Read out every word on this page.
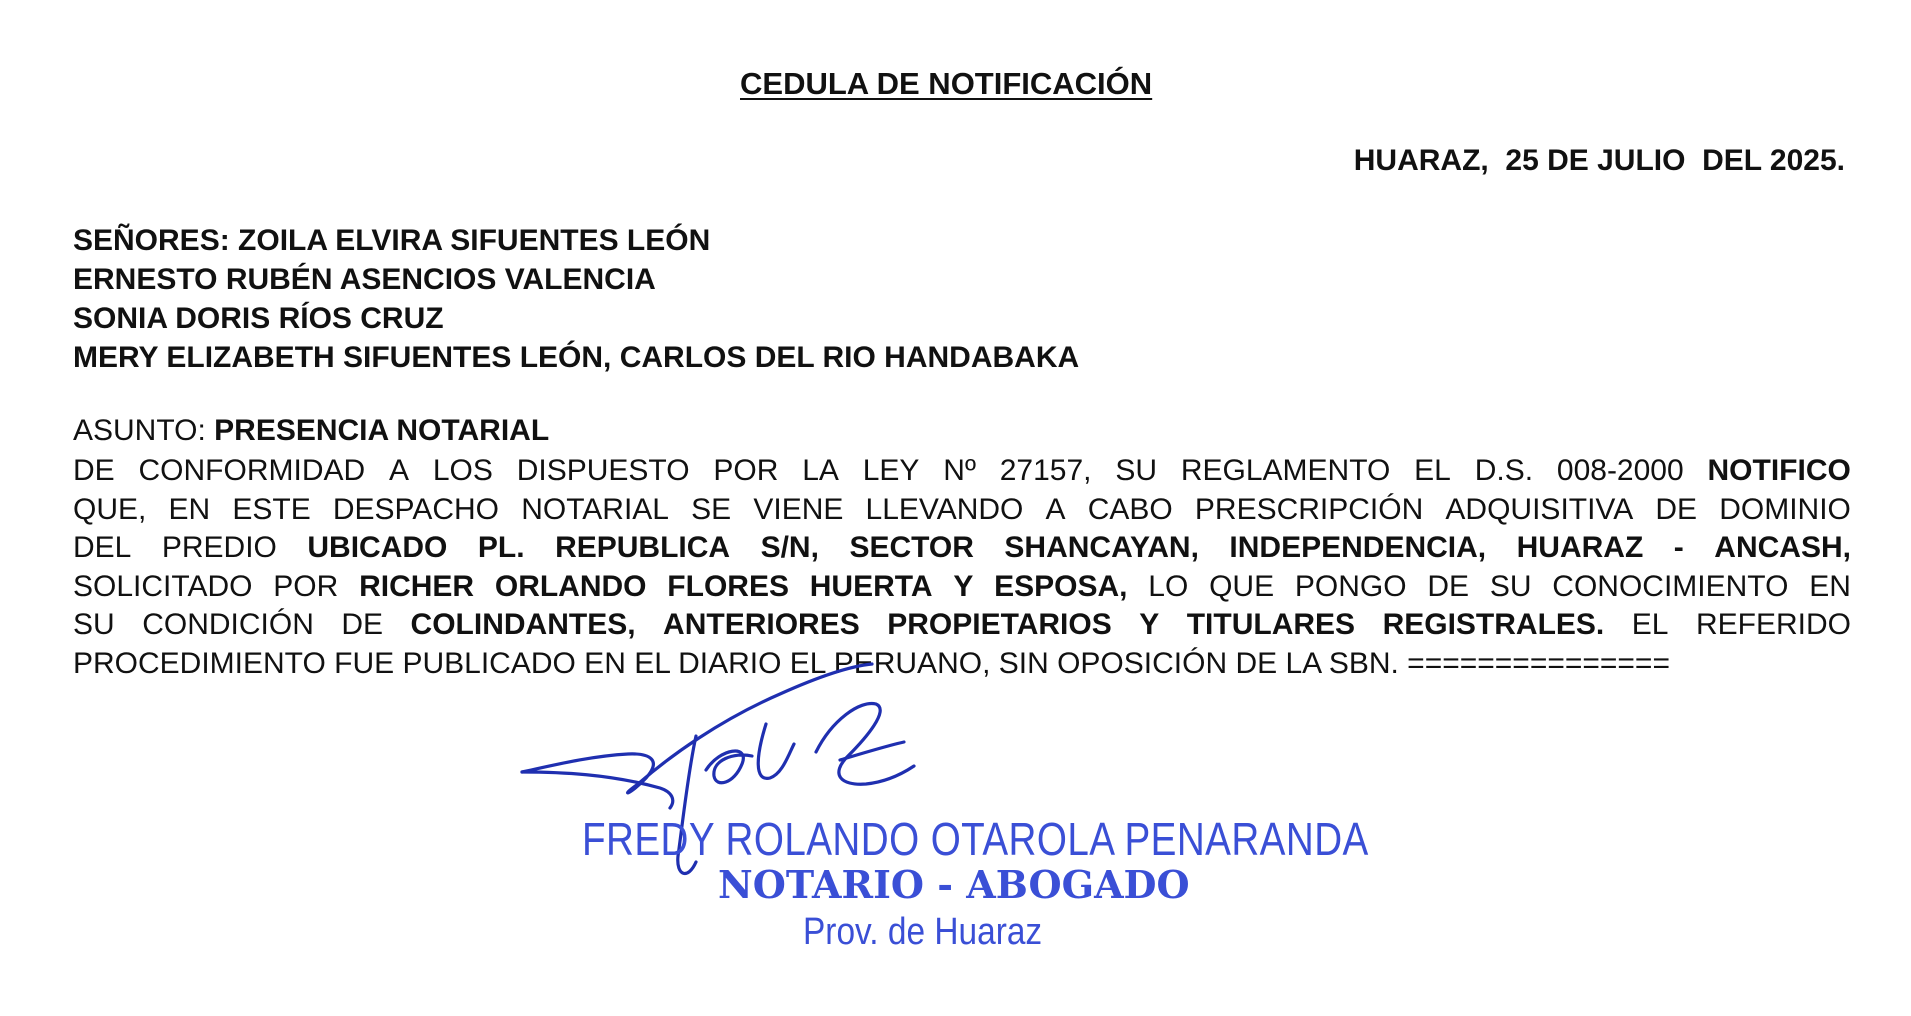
CEDULA DE NOTIFICACIÓN
HUARAZ,  25 DE JULIO  DEL 2025.
SEÑORES: ZOILA ELVIRA SIFUENTES LEÓN
ERNESTO RUBÉN ASENCIOS VALENCIA
SONIA DORIS RÍOS CRUZ
MERY ELIZABETH SIFUENTES LEÓN, CARLOS DEL RIO HANDABAKA
ASUNTO: PRESENCIA NOTARIAL
DE CONFORMIDAD A LOS DISPUESTO POR LA LEY Nº 27157, SU REGLAMENTO EL D.S. 008-2000 NOTIFICO
QUE, EN ESTE DESPACHO NOTARIAL SE VIENE LLEVANDO A CABO PRESCRIPCIÓN ADQUISITIVA DE DOMINIO
DEL PREDIO UBICADO PL. REPUBLICA S/N, SECTOR SHANCAYAN, INDEPENDENCIA, HUARAZ - ANCASH,
SOLICITADO POR RICHER ORLANDO FLORES HUERTA Y ESPOSA, LO QUE PONGO DE SU CONOCIMIENTO EN
SU CONDICIÓN DE COLINDANTES, ANTERIORES PROPIETARIOS Y TITULARES REGISTRALES. EL REFERIDO
PROCEDIMIENTO FUE PUBLICADO EN EL DIARIO EL PERUANO, SIN OPOSICIÓN DE LA SBN. ===============
FREDY ROLANDO OTAROLA PENARANDA
NOTARIO - ABOGADO
Prov. de Huaraz
